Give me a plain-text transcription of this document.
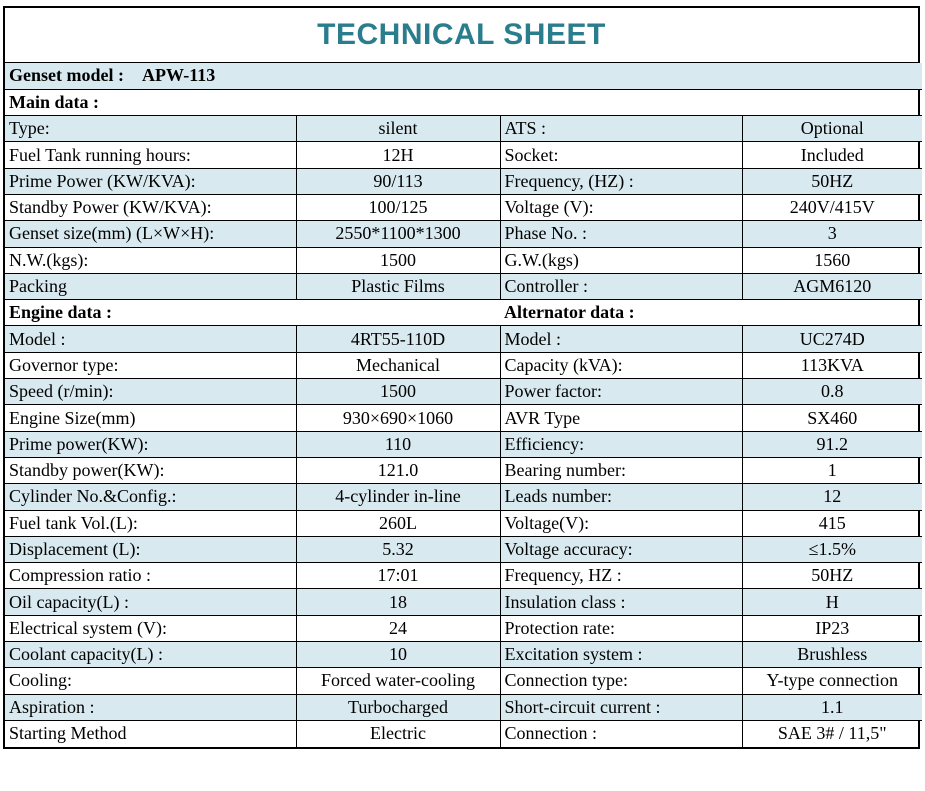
TECHNICAL SHEET
Genset model : APW-113			
Main data :			
Type:	silent	ATS :	Optional
Fuel Tank running hours:	12H	Socket:	Included
Prime Power (KW/KVA):	90/113	Frequency, (HZ) :	50HZ
Standby Power (KW/KVA):	100/125	Voltage (V):	240V/415V
Genset size(mm) (L×W×H):	2550*1100*1300	Phase No. :	3
N.W.(kgs):	1500	G.W.(kgs)	1560
Packing	Plastic Films	Controller :	AGM6120
Engine data :		Alternator data :	
Model :	4RT55-110D	Model :	UC274D
Governor type:	Mechanical	Capacity (kVA):	113KVA
Speed (r/min):	1500	Power factor:	0.8
Engine Size(mm)	930×690×1060	AVR Type	SX460
Prime power(KW):	110	Efficiency:	91.2
Standby power(KW):	121.0	Bearing number:	1
Cylinder No.&Config.:	4-cylinder in-line	Leads number:	12
Fuel tank Vol.(L):	260L	Voltage(V):	415
Displacement (L):	5.32	Voltage accuracy:	≤1.5%
Compression ratio :	17:01	Frequency, HZ :	50HZ
Oil capacity(L) :	18	Insulation class :	H
Electrical system (V):	24	Protection rate:	IP23
Coolant capacity(L) :	10	Excitation system :	Brushless
Cooling:	Forced water-cooling	Connection type:	Y-type connection
Aspiration :	Turbocharged	Short-circuit current :	1.1
Starting Method	Electric	Connection :	SAE 3# / 11,5"
